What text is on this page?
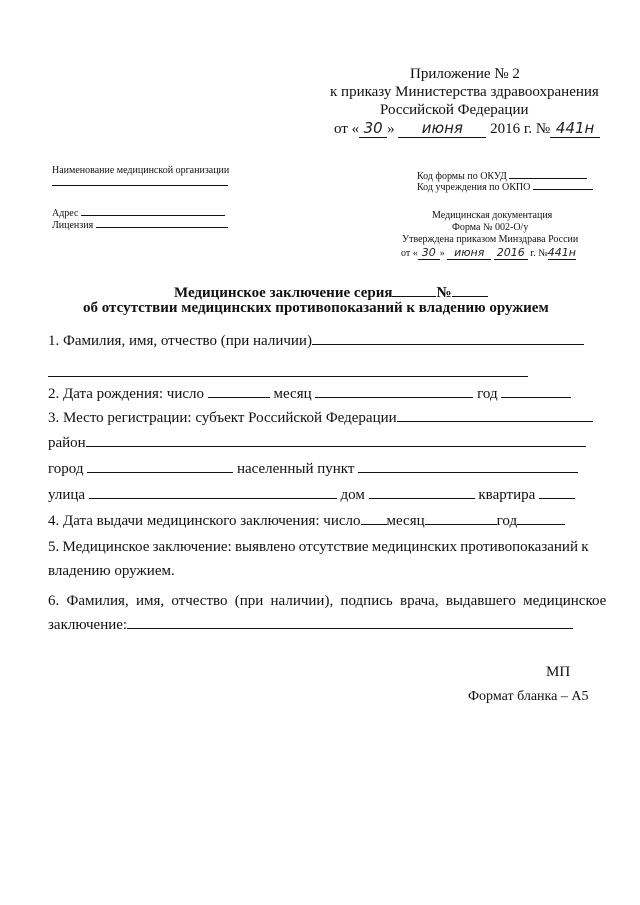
Приложение № 2
к приказу Министерства здравоохранения
Российской Федерации
от « 30 » июня 2016 г. № 441н
Наименование медицинской организации
Адрес
Лицензия
Код формы по ОКУД
Код учреждения по ОКПО
Медицинская документация
Форма № 002-О/у
Утверждена приказом Минздрава России
от « 30 » июня 2016 г. №441н
Медицинское заключение серия	№
об отсутствии медицинских противопоказаний к владению оружием
1. Фамилия, имя, отчество (при наличии)
2. Дата рождения: число	месяц	год
3. Место регистрации: субъект Российской Федерации
район
город	населенный пункт
улица	дом	квартира
4. Дата выдачи медицинского заключения: число месяц	год
5. Медицинское заключение: выявлено отсутствие медицинских противопоказаний к
владению оружием.
6. Фамилия, имя, отчество (при наличии), подпись врача, выдавшего медицинское
заключение:
МП
Формат бланка – А5
